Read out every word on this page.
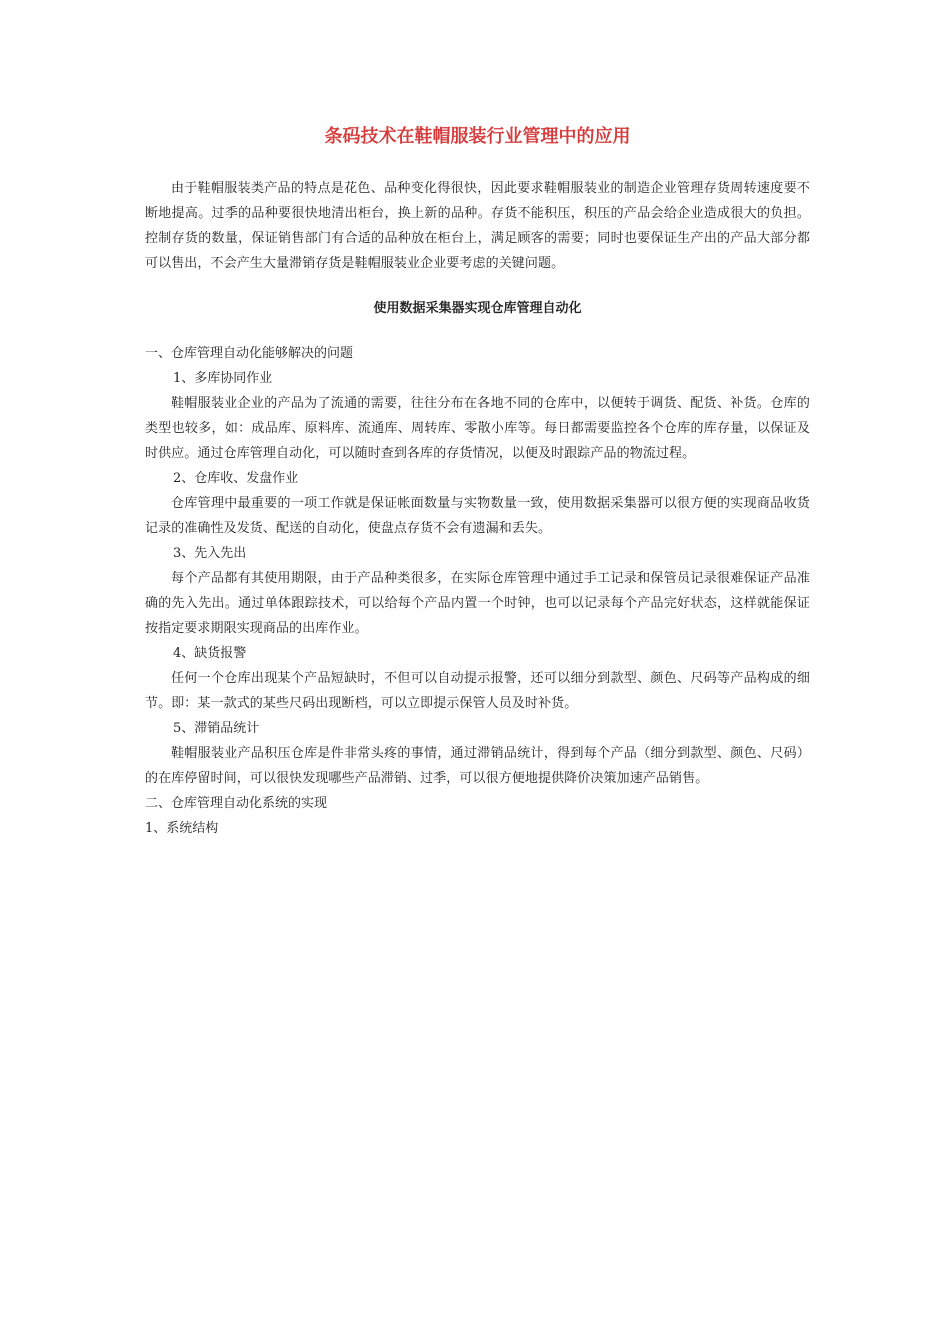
条码技术在鞋帽服装行业管理中的应用

由于鞋帽服装类产品的特点是花色、品种变化得很快，因此要求鞋帽服装业的制造企业管理存货周转速度要不断地提高。过季的品种要很快地清出柜台，换上新的品种。存货不能积压，积压的产品会给企业造成很大的负担。控制存货的数量，保证销售部门有合适的品种放在柜台上，满足顾客的需要；同时也要保证生产出的产品大部分都可以售出，不会产生大量滞销存货是鞋帽服装业企业要考虑的关键问题。

使用数据采集器实现仓库管理自动化
一、仓库管理自动化能够解决的问题
1、多库协同作业

鞋帽服装业企业的产品为了流通的需要，往往分布在各地不同的仓库中，以便转于调货、配货、补货。仓库的类型也较多，如：成品库、原料库、流通库、周转库、零散小库等。每日都需要监控各个仓库的库存量，以保证及时供应。通过仓库管理自动化，可以随时查到各库的存货情况，以便及时跟踪产品的物流过程。

2、仓库收、发盘作业

仓库管理中最重要的一项工作就是保证帐面数量与实物数量一致，使用数据采集器可以很方便的实现商品收货记录的准确性及发货、配送的自动化，使盘点存货不会有遗漏和丢失。

3、先入先出

每个产品都有其使用期限，由于产品种类很多，在实际仓库管理中通过手工记录和保管员记录很难保证产品准确的先入先出。通过单体跟踪技术，可以给每个产品内置一个时钟，也可以记录每个产品完好状态，这样就能保证按指定要求期限实现商品的出库作业。

4、缺货报警

任何一个仓库出现某个产品短缺时，不但可以自动提示报警，还可以细分到款型、颜色、尺码等产品构成的细节。即：某一款式的某些尺码出现断档，可以立即提示保管人员及时补货。

5、滞销品统计

鞋帽服装业产品积压仓库是件非常头疼的事情，通过滞销品统计，得到每个产品（细分到款型、颜色、尺码）的在库停留时间，可以很快发现哪些产品滞销、过季，可以很方便地提供降价决策加速产品销售。

二、仓库管理自动化系统的实现
1、系统结构
